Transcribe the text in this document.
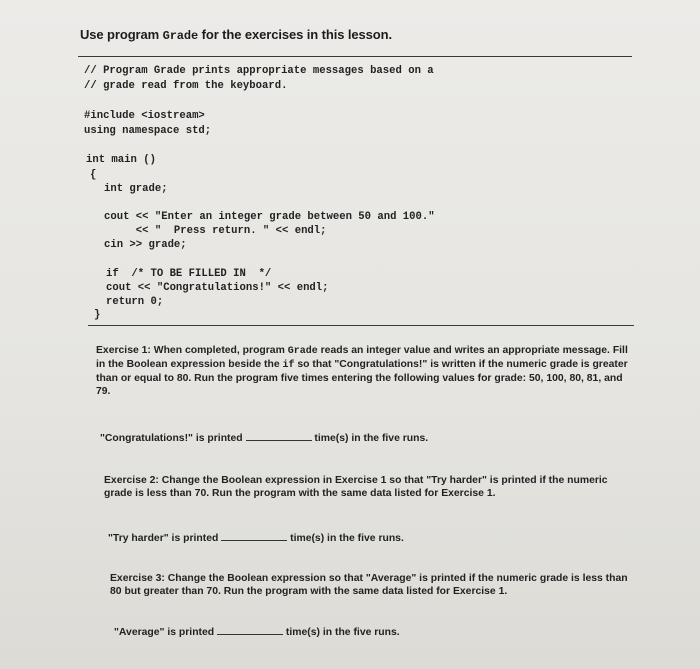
Use program Grade for the exercises in this lesson.
// Program Grade prints appropriate messages based on a
// grade read from the keyboard.
#include <iostream>
using namespace std;
int main ()
{
int grade;
cout << "Enter an integer grade between 50 and 100."
<< "  Press return. " << endl;
cin >> grade;
if  /* TO BE FILLED IN  */
cout << "Congratulations!" << endl;
return 0;
}
Exercise 1: When completed, program Grade reads an integer value and writes an appropriate message. Fill in the Boolean expression beside the if so that "Congratulations!" is written if the numeric grade is greater than or equal to 80. Run the program five times entering the following values for grade: 50, 100, 80, 81, and 79.
"Congratulations!" is printed	time(s) in the five runs.
Exercise 2: Change the Boolean expression in Exercise 1 so that "Try harder" is printed if the numeric grade is less than 70. Run the program with the same data listed for Exercise 1.
"Try harder" is printed	time(s) in the five runs.
Exercise 3: Change the Boolean expression so that "Average" is printed if the numeric grade is less than 80 but greater than 70. Run the program with the same data listed for Exercise 1.
"Average" is printed	time(s) in the five runs.
